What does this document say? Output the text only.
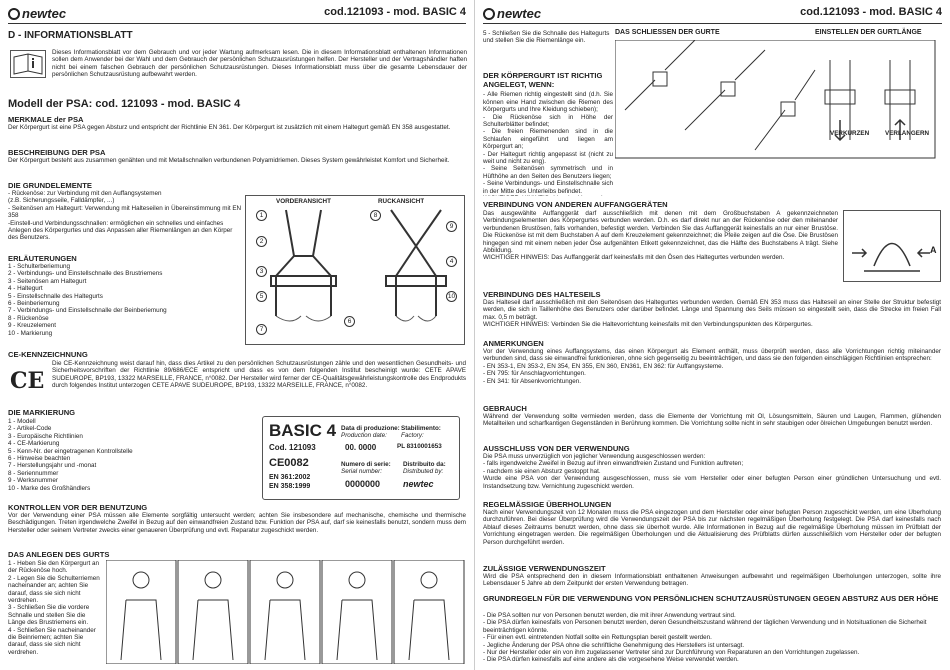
newtec	cod.121093 - mod. BASIC 4
D - INFORMATIONSBLATT
Dieses Informationsblatt vor dem Gebrauch und vor jeder Wartung aufmerksam lesen. Die in diesem Informationsblatt enthaltenen Informationen sollen dem Anwender bei der Wahl und dem Gebrauch der persönlichen Schutzausrüstungen helfen. Der Hersteller und der Vertragshändler haften nicht bei einem falschen Gebrauch der persönlichen Schutzausrüstungen. Dieses Informationsblatt muss über die gesamte Lebensdauer der persönlichen Schutzausrüstung aufbewahrt werden.
Modell der PSA: cod. 121093 - mod. BASIC 4
MERKMALE der PSA
Der Körpergurt ist eine PSA gegen Absturz und entspricht der Richtlinie EN 361. Der Körpergurt ist zusätzlich mit einem Haltegurt gemäß EN 358 ausgestattet.
BESCHREIBUNG DER PSA
Der Körpergurt besteht aus zusammen genähten und mit Metallschnallen verbundenen Polyamidriemen. Dieses System gewährleistet Komfort und Sicherheit.
DIE GRUNDELEMENTE
- Rückenöse: zur Verbindung mit den Auffangsystemen
(z.B. Sicherungsseile, Falldämpfer, ...)
- Seitenösen am Haltegurt: Verwendung mit Halteseilen in Übereinstimmung mit EN 358
-Einstell-und Verbindungsschnallen: ermöglichen ein schnelles und einfaches Anlegen des Körpergurtes und das Anpassen aller Riemenlängen an den Körper des Benutzers.
VORDERANSICHT	RÜCKANSICHT
1
2
3
5
7
6
9
4
10
8
ERLÄUTERUNGEN
1 - Schulterberiemung
2 - Verbindungs- und Einstellschnalle des Brustriemens
3 - Seitenösen am Haltegurt
4 - Haltegurt
5 - Einstellschnalle des Haltegurts
6 - Beinberiemung
7 - Verbindungs- und Einstellschnalle der Beinberiemung
8 - Rückenöse
9 - Kreuzelement
10 - Markierung
CE-KENNZEICHNUNG
CE
Die CE-Kennzeichnung weist darauf hin, dass dies Artikel zu den persönlichen Schutzausrüstungen zähle und den wesentlichen Gesundheits- und Sicherheitsvorschriften der Richtlinie 89/686/ECE entspricht und dass es von dem folgenden Institut bescheinigt wurde: CETE APAVE SUDEUROPE, BP193, 13322 MARSEILLE, FRANCE, n°0082. Der Hersteller wird ferner der CE-Qualitätsgewährleistungskontrolle des Endprodukts durch folgendes Institut unterzogen CETE APAVE SUDEUROPE, BP193, 13322 MARSEILLE, FRANCE, n°0082.
DIE MARKIERUNG
1 - Modell
2 - Artikel-Code
3 - Europäische Richtlinien
4 - CE-Markierung
5 - Kenn-Nr. der eingetragenen Kontrollstelle
6 - Hinweise beachten
7 - Herstellungsjahr und -monat
8 - Seriennummer
9 - Werksnummer
10 - Marke des Großhändlers
BASIC 4
Cod. 121093
CE0082
EN 361:2002
EN 358:1999
Data di produzione:
Production date:
00. 0000
Stabilimento:
Factory:
PL 8310001653
Numero di serie:
Serial number:
0000000
Distribuito da:
Distributed by:
newtec
KONTROLLEN VOR DER BENUTZUNG
Vor der Verwendung einer PSA müssen alle Elemente sorgfältig untersucht werden; achten Sie insbesondere auf mechanische, chemische und thermische Beschädigungen. Treten irgendwelche Zweifel in Bezug auf den einwandfreien Zustand bzw. Funktion der PSA auf, darf sie keinesfalls benutzt, sondern muss dem Hersteller oder seinem Vertreter zwecks einer genaueren Überprüfung und evtl. Reparatur zugeschickt werden.
DAS ANLEGEN DES GURTS
1 - Heben Sie den Körpergurt an der Rückenöse hoch.
2 - Legen Sie die Schulterriemen nacheinander an; achten Sie darauf, dass sie sich nicht verdrehen.
3 - Schließen Sie die vordere Schnalle und stellen Sie die Länge des Brustriemens ein.
4 - Schließen Sie nacheinander die Beinriemen; achten Sie darauf, dass sie sich nicht verdrehen.
newtec	cod.121093 - mod. BASIC 4
5 - Schließen Sie die Schnalle des Haltegurts und stellen Sie die Riemenlänge ein.
DAS SCHLIESSEN DER GURTE	EINSTELLEN DER GURTLÄNGE
VERKÜRZEN	VERLÄNGERN

DER KÖRPERGURT IST RICHTIG ANGELEGT, WENN:

- Alle Riemen richtig eingestellt sind (d.h. Sie können eine Hand zwischen die Riemen des Körpergurts und Ihre Kleidung schieben);
- Die Rückenöse sich in Höhe der Schulterblätter befindet;
- Die freien Riemenenden sind in die Schlaufen eingeführt und liegen am Körpergurt an;
- Der Haltegurt richtig angepasst ist (nicht zu weit und nicht zu eng).
- Seine Seitenösen symmetrisch und in Hüfthöhe an den Seiten des Benutzers liegen;
- Seine Verbindungs- und Einstellschnalle sich in der Mitte des Unterleibs befindet.

VERBINDUNG VON ANDEREN AUFFANGGERÄTEN
Das ausgewählte Auffanggerät darf ausschließlich mit denen mit dem Großbuchstaben A gekennzeichneten Verbindungselementen des Körpergurtes verbunden werden. D.h. es darf direkt nur an der Rückenöse oder den miteinander verbundenen Brustösen, falls vorhanden, befestigt werden. Verbinden Sie das Auffanggerät keinesfalls an nur einer Brustöse. Die Rückenöse ist mit dem Buchstaben A auf dem Kreuzelement gekennzeichnet; die Pfeile zeigen auf die Öse. Die Brustösen hingegen sind mit einem neben jeder Öse aufgenähten Etikett gekennzeichnet, das die Hälfte des Buchstabens A trägt. Siehe Abbildung.
WICHTIGER HINWEIS: Das Auffanggerät darf keinesfalls mit den Ösen des Haltegurtes verbunden werden.
A
VERBINDUNG DES HALTESEILS
Das Halteseil darf ausschließlich mit den Seitenösen des Haltegurtes verbunden werden. Gemäß EN 353 muss das Halteseil an einer Stelle der Struktur befestigt werden, die sich in Taillenhöhe des Benutzers oder darüber befindet. Länge und Spannung des Seils müssen so eingestellt sein, dass die Strecke im freien Fall max. 0,5 m beträgt.
WICHTIGER HINWEIS: Verbinden Sie die Haltevorrichtung keinesfalls mit den Verbindungspunkten des Körpergurtes.
ANMERKUNGEN
Vor der Verwendung eines Auffangsystems, das einen Körpergurt als Element enthält, muss überprüft werden, dass alle Vorrichtungen richtig miteinander verbunden sind, dass sie einwandfrei funktionieren, ohne sich gegenseitig zu beeinträchtigen, und dass sie den folgenden einschlägigen Richtlinien entsprechen:
- EN 353-1, EN 353-2, EN 354, EN 355, EN 360, EN361, EN 362: für Auffangsysteme.
- EN 795: für Anschlagvorrichtungen.
- EN 341: für Absenkvorrichtungen.
GEBRAUCH
Während der Verwendung sollte vermieden werden, dass die Elemente der Vorrichtung mit Öl, Lösungsmitteln, Säuren und Laugen, Flammen, glühenden Metallteilen und scharfkantigen Gegenständen in Berührung kommen. Die Vorrichtung sollte nicht in sehr staubigen oder ölreichen Umgebungen benutzt werden.
AUSSCHLUSS VON DER VERWENDUNG
Die PSA muss unverzüglich von jeglicher Verwendung ausgeschlossen werden:
- falls irgendwelche Zweifel in Bezug auf ihren einwandfreien Zustand und Funktion auftreten;
- nachdem sie einen Absturz gestoppt hat.
Wurde eine PSA von der Verwendung ausgeschlossen, muss sie vom Hersteller oder einer befugten Person einer gründlichen Untersuchung und evtl. Instandsetzung bzw. Vernichtung zugeschickt werden.
REGELMÄSSIGE ÜBERHOLUNGEN
Nach einer Verwendungszeit von 12 Monaten muss die PSA eingezogen und dem Hersteller oder einer befugten Person zugeschickt werden, um eine Überholung durchzuführen. Bei dieser Überprüfung wird die Verwendungszeit der PSA bis zur nächsten regelmäßigen Überholung festgelegt. Die PSA darf keinesfalls nach Ablauf dieses Zeitraums benutzt werden, ohne dass sie überholt wurde. Alle Informationen in Bezug auf die regelmäßige Überholung müssen im Prüfblatt der Vorrichtung eingetragen werden. Die regelmäßigen Überholungen und die Aktualisierung des Prüfblatts dürfen ausschließlich vom Hersteller oder der befugten Person durchgeführt werden.
ZULÄSSIGE VERWENDUNGSZEIT
Wird die PSA entsprechend den in diesem Informationsblatt enthaltenen Anweisungen aufbewahrt und regelmäßigen Überholungen unterzogen, sollte ihre Lebensdauer 5 Jahre ab dem Zeitpunkt der ersten Verwendung betragen.
GRUNDREGELN FÜR DIE VERWENDUNG VON PERSÖNLICHEN SCHUTZAUSRÜSTUNGEN GEGEN ABSTURZ AUS DER HÖHE
- Die PSA sollten nur von Personen benutzt werden, die mit ihrer Anwendung vertraut sind.
- Die PSA dürfen keinesfalls von Personen benutzt werden, deren Gesundheitszustand während der täglichen Verwendung und in Notsituationen die Sicherheit beeinträchtigen könnte.
- Für einen evtl. eintretenden Notfall sollte ein Rettungsplan bereit gestellt werden.
- Jegliche Änderung der PSA ohne die schriftliche Genehmigung des Herstellers ist untersagt.
- Nur der Hersteller oder ein von ihm zugelassener Vertreter sind zur Durchführung von Reparaturen an den Vorrichtungen zugelassen.
- Die PSA dürfen keinesfalls auf eine andere als die vorgesehene Weise verwendet werden.
